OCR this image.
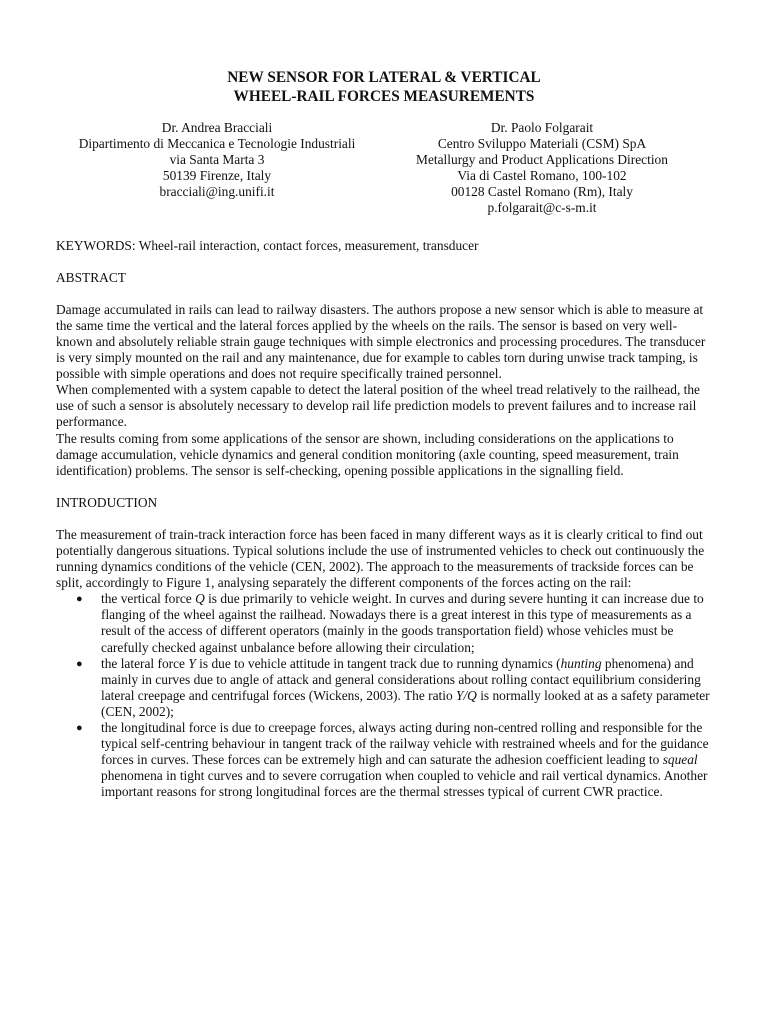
NEW SENSOR FOR LATERAL & VERTICAL
WHEEL-RAIL FORCES MEASUREMENTS
Dr. Andrea Bracciali
Dipartimento di Meccanica e Tecnologie Industriali
via Santa Marta 3
50139 Firenze, Italy
bracciali@ing.unifi.it
Dr. Paolo Folgarait
Centro Sviluppo Materiali (CSM) SpA
Metallurgy and Product Applications Direction
Via di Castel Romano, 100-102
00128 Castel Romano (Rm), Italy
p.folgarait@c-s-m.it

KEYWORDS: Wheel-rail interaction, contact forces, measurement, transducer

ABSTRACT

Damage accumulated in rails can lead to railway disasters. The authors propose a new sensor which is able to measure at the same time the vertical and the lateral forces applied by the wheels on the rails. The sensor is based on very well-known and absolutely reliable strain gauge techniques with simple electronics and processing procedures. The transducer is very simply mounted on the rail and any maintenance, due for example to cables torn during unwise track tamping, is possible with simple operations and does not require specifically trained personnel.

When complemented with a system capable to detect the lateral position of the wheel tread relatively to the railhead, the use of such a sensor is absolutely necessary to develop rail life prediction models to prevent failures and to increase rail performance.

The results coming from some applications of the sensor are shown, including considerations on the applications to damage accumulation, vehicle dynamics and general condition monitoring (axle counting, speed measurement, train identification) problems. The sensor is self-checking, opening possible applications in the signalling field.

INTRODUCTION

The measurement of train-track interaction force has been faced in many different ways as it is clearly critical to find out potentially dangerous situations. Typical solutions include the use of instrumented vehicles to check out continuously the running dynamics conditions of the vehicle (CEN, 2002). The approach to the measurements of trackside forces can be split, accordingly to Figure 1, analysing separately the different components of the forces acting on the rail:

● the vertical force Q is due primarily to vehicle weight. In curves and during severe hunting it can increase due to flanging of the wheel against the railhead. Nowadays there is a great interest in this type of measurements as a result of the access of different operators (mainly in the goods transportation field) whose vehicles must be carefully checked against unbalance before allowing their circulation;
● the lateral force Y is due to vehicle attitude in tangent track due to running dynamics (hunting phenomena) and mainly in curves due to angle of attack and general considerations about rolling contact equilibrium considering lateral creepage and centrifugal forces (Wickens, 2003). The ratio Y/Q is normally looked at as a safety parameter (CEN, 2002);
● the longitudinal force is due to creepage forces, always acting during non-centred rolling and responsible for the typical self-centring behaviour in tangent track of the railway vehicle with restrained wheels and for the guidance forces in curves. These forces can be extremely high and can saturate the adhesion coefficient leading to squeal phenomena in tight curves and to severe corrugation when coupled to vehicle and rail vertical dynamics. Another important reasons for strong longitudinal forces are the thermal stresses typical of current CWR practice.
